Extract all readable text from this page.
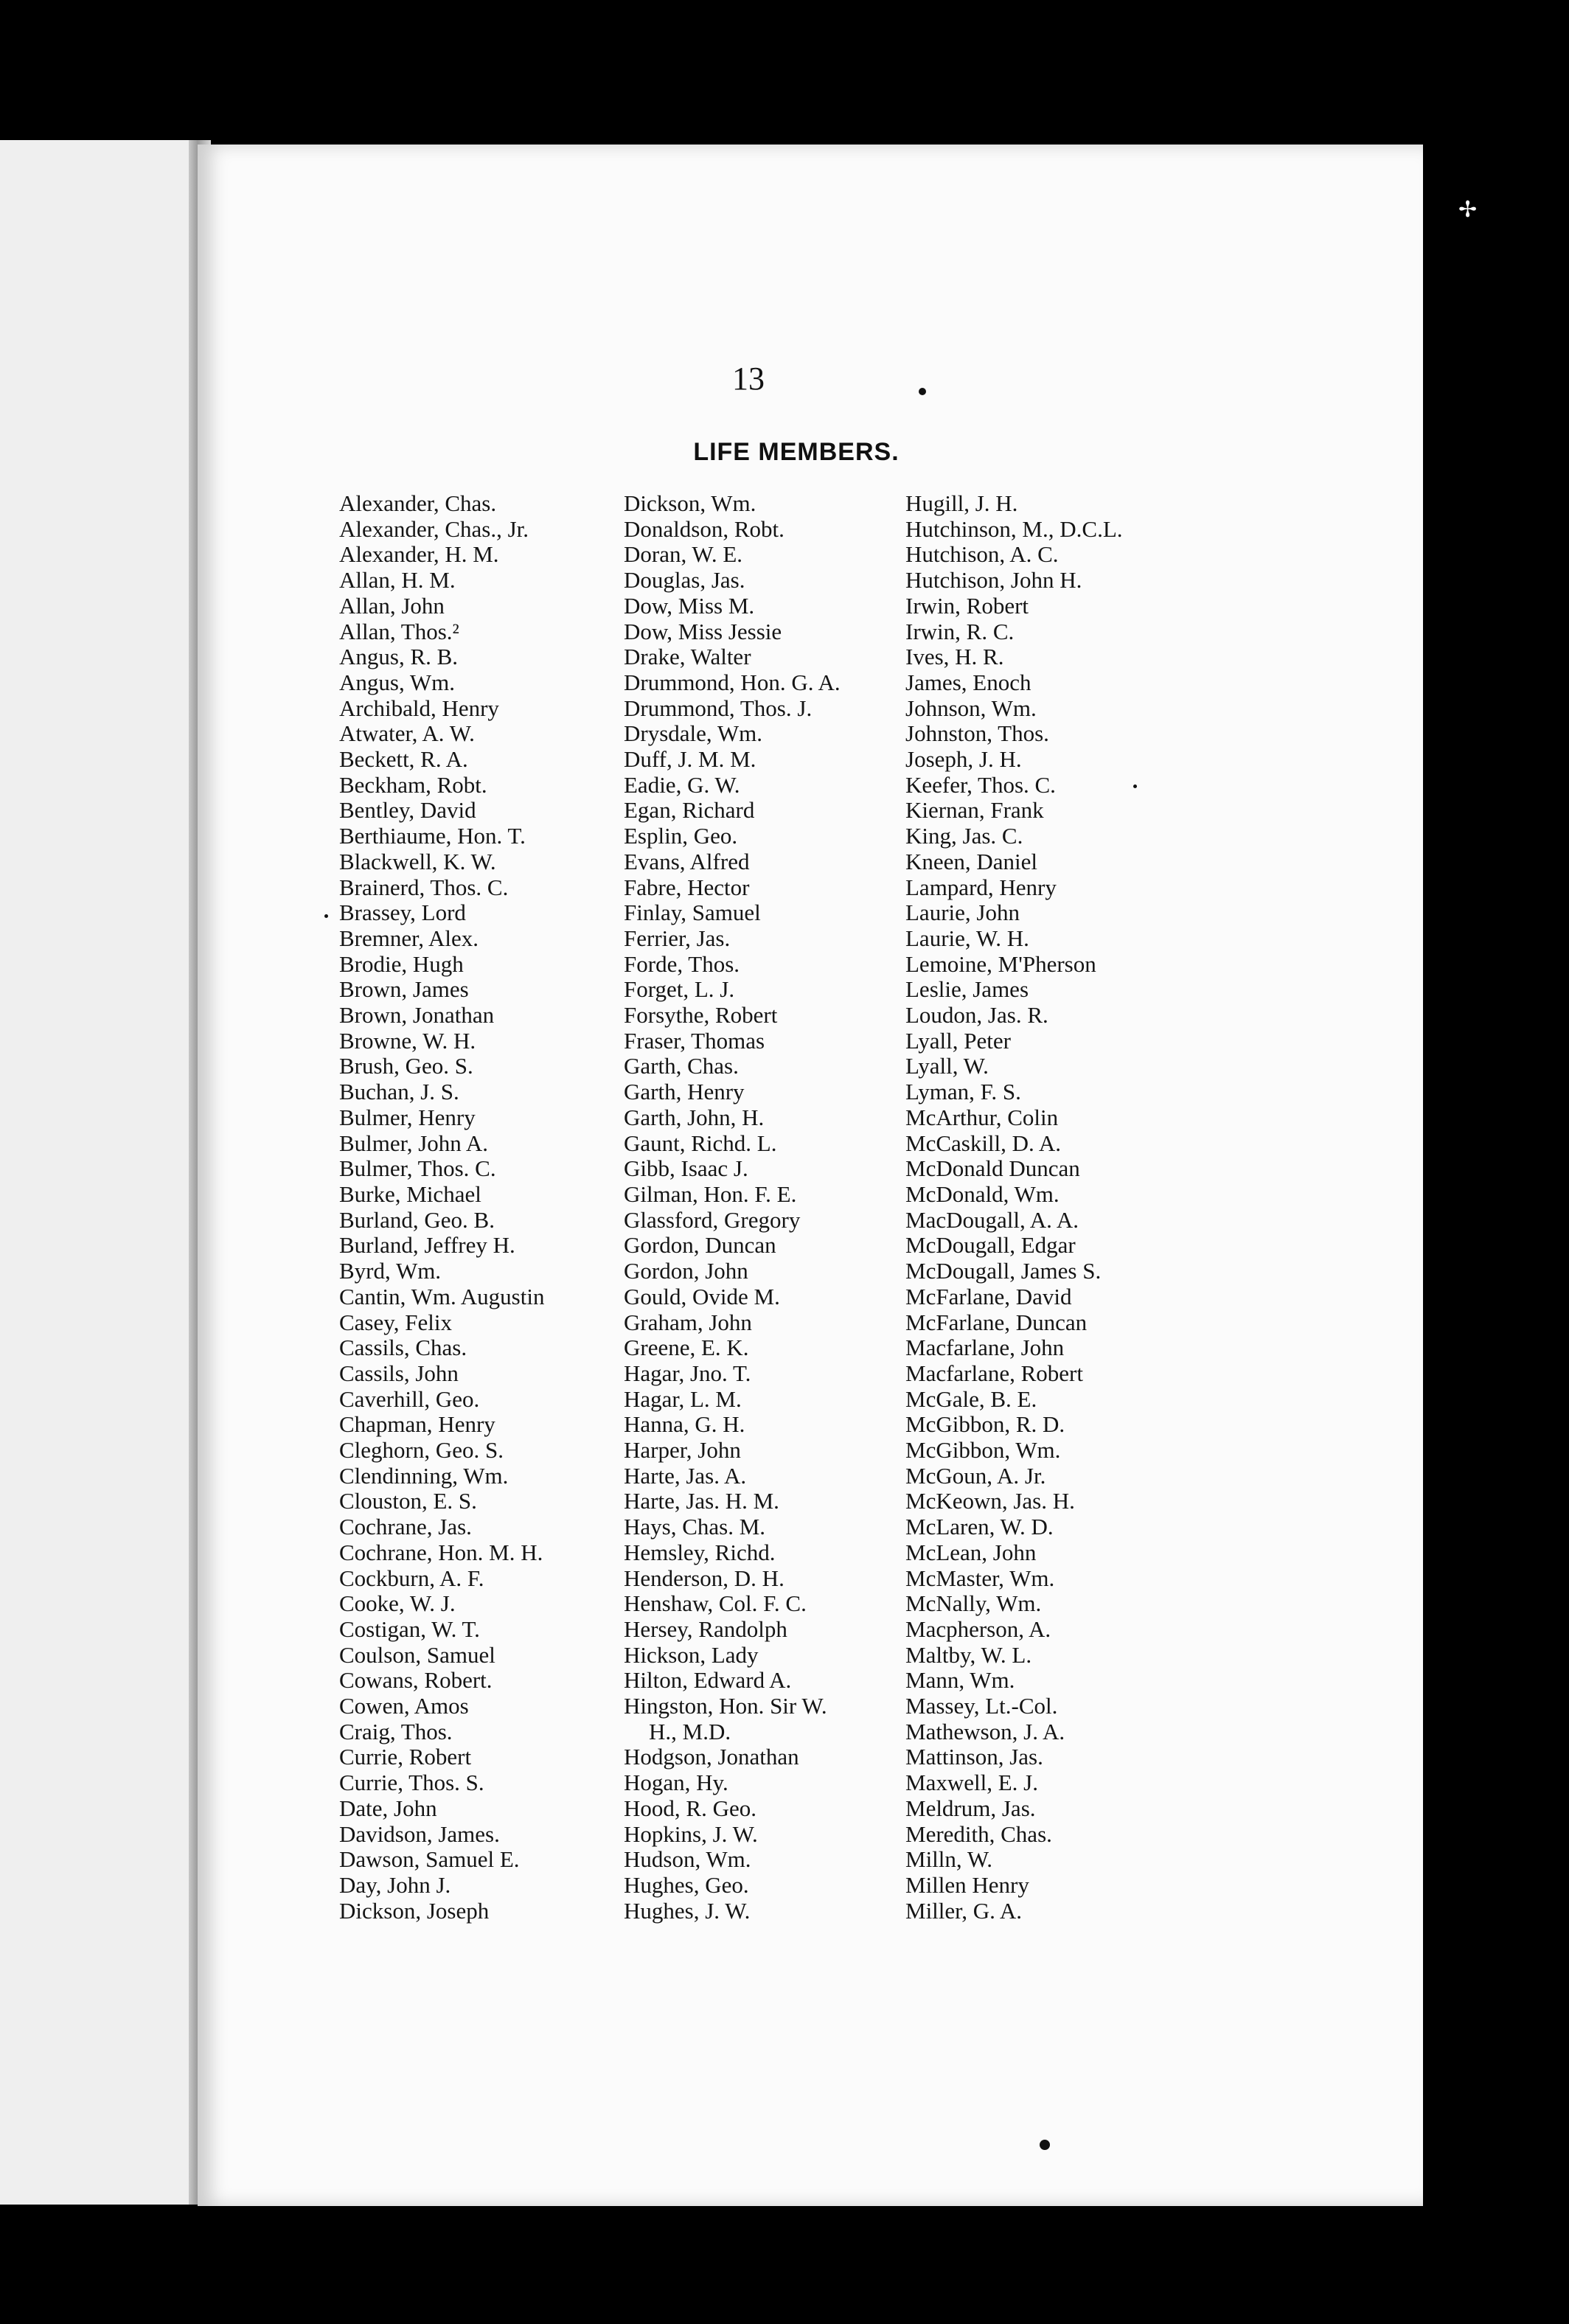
13
✢
LIFE MEMBERS.
Alexander, Chas.
Alexander, Chas., Jr.
Alexander, H. M.
Allan, H. M.
Allan, John
Allan, Thos.²
Angus, R. B.
Angus, Wm.
Archibald, Henry
Atwater, A. W.
Beckett, R. A.
Beckham, Robt.
Bentley, David
Berthiaume, Hon. T.
Blackwell, K. W.
Brainerd, Thos. C.
Brassey, Lord
Bremner, Alex.
Brodie, Hugh
Brown, James
Brown, Jonathan
Browne, W. H.
Brush, Geo. S.
Buchan, J. S.
Bulmer, Henry
Bulmer, John A.
Bulmer, Thos. C.
Burke, Michael
Burland, Geo. B.
Burland, Jeffrey H.
Byrd, Wm.
Cantin, Wm. Augustin
Casey, Felix
Cassils, Chas.
Cassils, John
Caverhill, Geo.
Chapman, Henry
Cleghorn, Geo. S.
Clendinning, Wm.
Clouston, E. S.
Cochrane, Jas.
Cochrane, Hon. M. H.
Cockburn, A. F.
Cooke, W. J.
Costigan, W. T.
Coulson, Samuel
Cowans, Robert.
Cowen, Amos
Craig, Thos.
Currie, Robert
Currie, Thos. S.
Date, John
Davidson, James.
Dawson, Samuel E.
Day, John J.
Dickson, Joseph
Dickson, Wm.
Donaldson, Robt.
Doran, W. E.
Douglas, Jas.
Dow, Miss M.
Dow, Miss Jessie
Drake, Walter
Drummond, Hon. G. A.
Drummond, Thos. J.
Drysdale, Wm.
Duff, J. M. M.
Eadie, G. W.
Egan, Richard
Esplin, Geo.
Evans, Alfred
Fabre, Hector
Finlay, Samuel
Ferrier, Jas.
Forde, Thos.
Forget, L. J.
Forsythe, Robert
Fraser, Thomas
Garth, Chas.
Garth, Henry
Garth, John, H.
Gaunt, Richd. L.
Gibb, Isaac J.
Gilman, Hon. F. E.
Glassford, Gregory
Gordon, Duncan
Gordon, John
Gould, Ovide M.
Graham, John
Greene, E. K.
Hagar, Jno. T.
Hagar, L. M.
Hanna, G. H.
Harper, John
Harte, Jas. A.
Harte, Jas. H. M.
Hays, Chas. M.
Hemsley, Richd.
Henderson, D. H.
Henshaw, Col. F. C.
Hersey, Randolph
Hickson, Lady
Hilton, Edward A.
Hingston, Hon. Sir W.
H., M.D.
Hodgson, Jonathan
Hogan, Hy.
Hood, R. Geo.
Hopkins, J. W.
Hudson, Wm.
Hughes, Geo.
Hughes, J. W.
Hugill, J. H.
Hutchinson, M., D.C.L.
Hutchison, A. C.
Hutchison, John H.
Irwin, Robert
Irwin, R. C.
Ives, H. R.
James, Enoch
Johnson, Wm.
Johnston, Thos.
Joseph, J. H.
Keefer, Thos. C.
Kiernan, Frank
King, Jas. C.
Kneen, Daniel
Lampard, Henry
Laurie, John
Laurie, W. H.
Lemoine, M'Pherson
Leslie, James
Loudon, Jas. R.
Lyall, Peter
Lyall, W.
Lyman, F. S.
McArthur, Colin
McCaskill, D. A.
McDonald Duncan
McDonald, Wm.
MacDougall, A. A.
McDougall, Edgar
McDougall, James S.
McFarlane, David
McFarlane, Duncan
Macfarlane, John
Macfarlane, Robert
McGale, B. E.
McGibbon, R. D.
McGibbon, Wm.
McGoun, A. Jr.
McKeown, Jas. H.
McLaren, W. D.
McLean, John
McMaster, Wm.
McNally, Wm.
Macpherson, A.
Maltby, W. L.
Mann, Wm.
Massey, Lt.-Col.
Mathewson, J. A.
Mattinson, Jas.
Maxwell, E. J.
Meldrum, Jas.
Meredith, Chas.
Milln, W.
Millen Henry
Miller, G. A.
